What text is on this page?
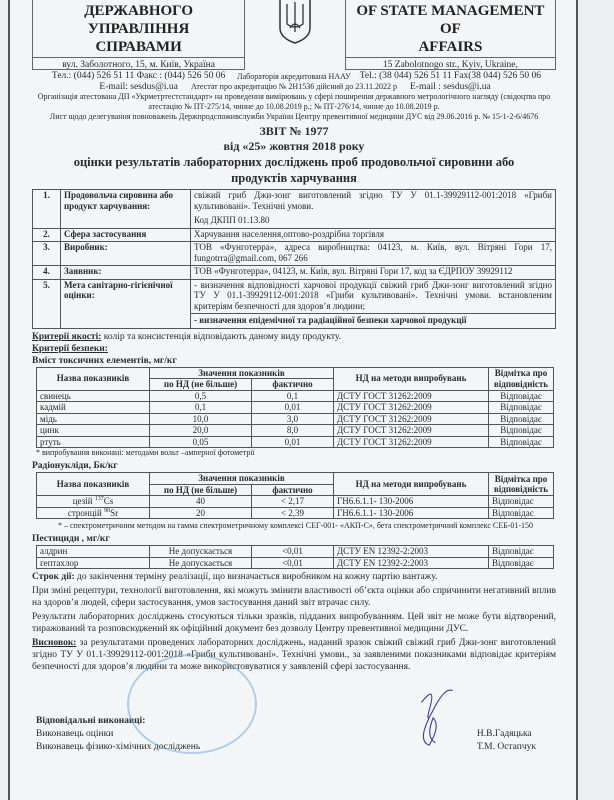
ДЕРЖАВНОГО УПРАВЛІННЯ
СПРАВАМИ
вул. Заболотного, 15, м. Київ, Україна
Тел.: (044) 526 51 11 Факс : (044) 526 50 06
E-mail: sesdus@i.ua
OF STATE MANAGEMENT OF
AFFAIRS
15 Zabolotnogo str., Kyiv, Ukraine,
Tel.: (38 044) 526 51 11 Fax(38 044) 526 50 06
E-mail : sesdus@i.ua
Лабораторія акредитована НААУ
Атестат про акредитацію № 2Н1536 дійсний до 23.11.2022 р
Організація атестована ДП «Укрметртестстандарт» на проведення вимірювань у сфері поширення державного метрологічного нагляду (свідоцтва про атестацію № ПТ-275/14, чинне до 10.08.2019 р.; № ПТ-276/14, чинне до 10.08.2019 р.
Лист щодо делегування повноважень Держпродспоживслужби України Центру превентивної медицини ДУС від 29.06.2016 р. № 15-1-2-6/4676
ЗВІТ № 1977
від «25» жовтня 2018 року
оцінки результатів лабораторних досліджень проб продовольчої сировини або продуктів харчування
1.	Продовольча сировина або продукт харчування:	свіжий гриб Джи-зонг виготовлений згідно ТУ У 01.1-39929112-001:2018 «Гриби культивовані». Технічні умови.
Код ДКПП 01.13.80

2.	Сфера застосування	Харчування населення,оптово-роздрібна торгівля

3.	Виробник:	ТОВ «Фунготерра», адреса виробництва: 04123, м. Київ, вул. Вітряні Гори 17, fungotrra@gmail.com, 067 266

4.	Заявник:	ТОВ «Фунготерра», 04123, м. Київ, вул. Вітряні Гори 17, код за ЄДРПОУ 39929112

5.	Мета санітарно-гігієнічної оцінки:	- визначення відповідності харчової продукції свіжий гриб Джи-зонг виготовлений згідно ТУ У 01.1-39929112-001:2018 «Гриби культивовані». Технічні умови. встановленим критеріям безпечності для здоров’я людини;
- визначення епідемічної та радіаційної безпеки харчової продукції
Критерії якості: колір та консистенція відповідають даному виду продукту.
Критерії безпеки:
Вміст токсичних елементів, мг/кг
Назва показників	Значення показників		НД на методи випробувань	Відмітка про відповідність
	по НД (не більше)	фактично		
свинець	0,5	0,1	ДСТУ ГОСТ 31262:2009	Відповідає
кадмій	0,1	0,01	ДСТУ ГОСТ 31262:2009	Відповідає
мідь	10,0	3,0	ДСТУ ГОСТ 31262:2009	Відповідає
цинк	20,0	8,0	ДСТУ ГОСТ 31262:2009	Відповідає
ртуть	0,05	0,01	ДСТУ ГОСТ 31262:2009	Відповідає
* випробування виконані: методами вольт –амперної фотометрії
Радіонукліди, Бк/кг
Назва показників	Значення показників		НД на методи випробувань	Відмітка про відповідність
	по НД (не більше)	фактично		
цезій $^{137}$Cs	40	< 2,17	ГН6.6.1.1- 130-2006	Відповідає
стронцій $^{90}$Sr	20	< 2,39	ГН6.6.1.1- 130-2006	Відповідає
* – спектрометричним методом на гамма спектрометричному комплексі СЕГ-001- «АКП-С», бета спектрометричний комплекс СЕБ-01-150
Пестициди , мг/кг
алдрин	Не допускається	<0,01	ДСТУ EN 12392-2:2003	Відповідає
гептахлор	Не допускається	<0,01	ДСТУ EN 12392-2:2003	Відповідає
Строк дії: до закінчення терміну реалізації, що визначається виробником на кожну партію вантажу.
При зміні рецептури, технології виготовлення, які можуть змінити властивості об’єкта оцінки або спричинити негативний вплив на здоров’я людей, сфери застосування, умов застосування даний звіт втрачає силу.
Результати лабораторних досліджень стосуються тільки зразків, підданих випробуванням. Цей звіт не може бути відтворений, тиражований та розповсюджений як офіційний документ без дозволу Центру превентивної медицини ДУС.
Висновок: за результатами проведених лабораторних досліджень, наданий зразок свіжий свіжий гриб Джи-зонг виготовлений згідно ТУ У 01.1-39929112-001:2018 «Гриби культивовані». Технічні умови., за заявленими показниками відповідає критеріям безпечності для здоров’я людини та може використовуватися у заявленій сфері застосування.
Відповідальні виконавці:
Виконавець оцінки
Виконавець фізико-хімічних досліджень
Н.В.Гадяцька
Т.М. Остапчук
